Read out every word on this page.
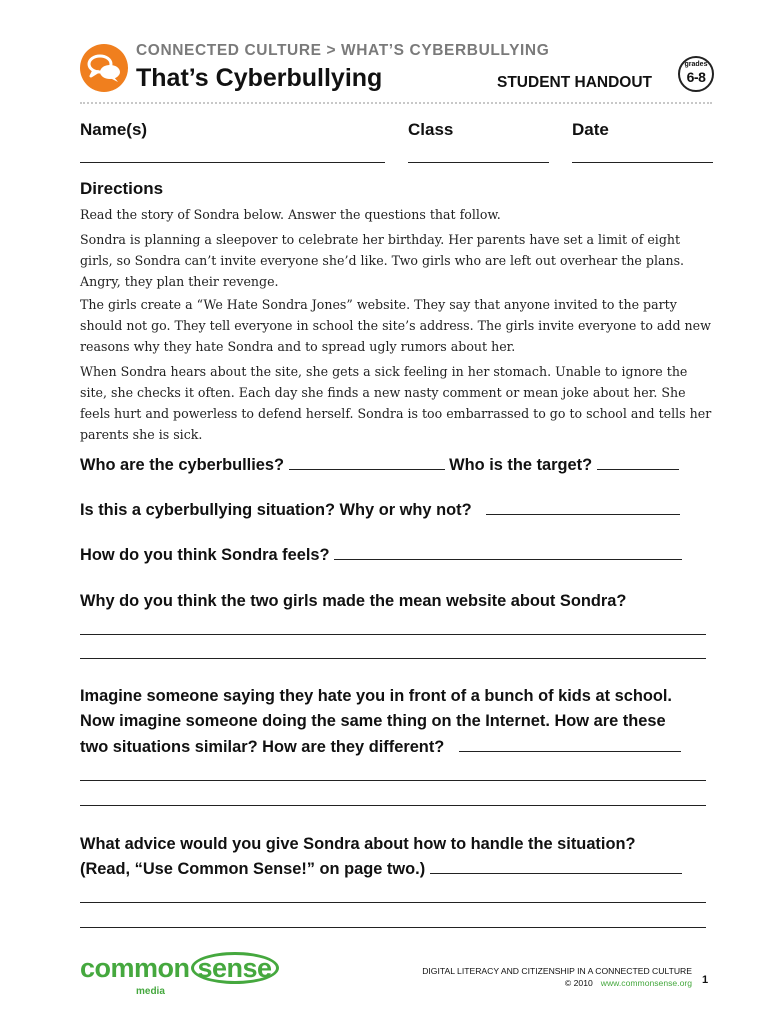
CONNECTED CULTURE > WHAT’S CYBERBULLYING
That’s Cyberbullying	STUDENT HANDOUT
grades
6-8
Name(s)	Class	Date
Directions
Read the story of Sondra below. Answer the questions that follow.
Sondra is planning a sleepover to celebrate her birthday. Her parents have set a limit of eight girls, so Sondra can’t invite everyone she’d like. Two girls who are left out overhear the plans. Angry, they plan their revenge.
The girls create a “We Hate Sondra Jones” website. They say that anyone invited to the party should not go. They tell everyone in school the site’s address. The girls invite everyone to add new reasons why they hate Sondra and to spread ugly rumors about her.
When Sondra hears about the site, she gets a sick feeling in her stomach. Unable to ignore the site, she checks it often. Each day she finds a new nasty comment or mean joke about her. She feels hurt and powerless to defend herself. Sondra is too embarrassed to go to school and tells her parents she is sick.
Who are the cyberbullies?	Who is the target?
Is this a cyberbullying situation? Why or why not?
How do you think Sondra feels?
Why do you think the two girls made the mean website about Sondra?
Imagine someone saying they hate you in front of a bunch of kids at school.
Now imagine someone doing the same thing on the Internet. How are these
two situations similar? How are they different?
What advice would you give Sondra about how to handle the situation?
(Read, “Use Common Sense!” on page two.)
common sense
media
DIGITAL LITERACY AND CITIZENSHIP IN A CONNECTED CULTURE
© 2010 www.commonsense.org 1
